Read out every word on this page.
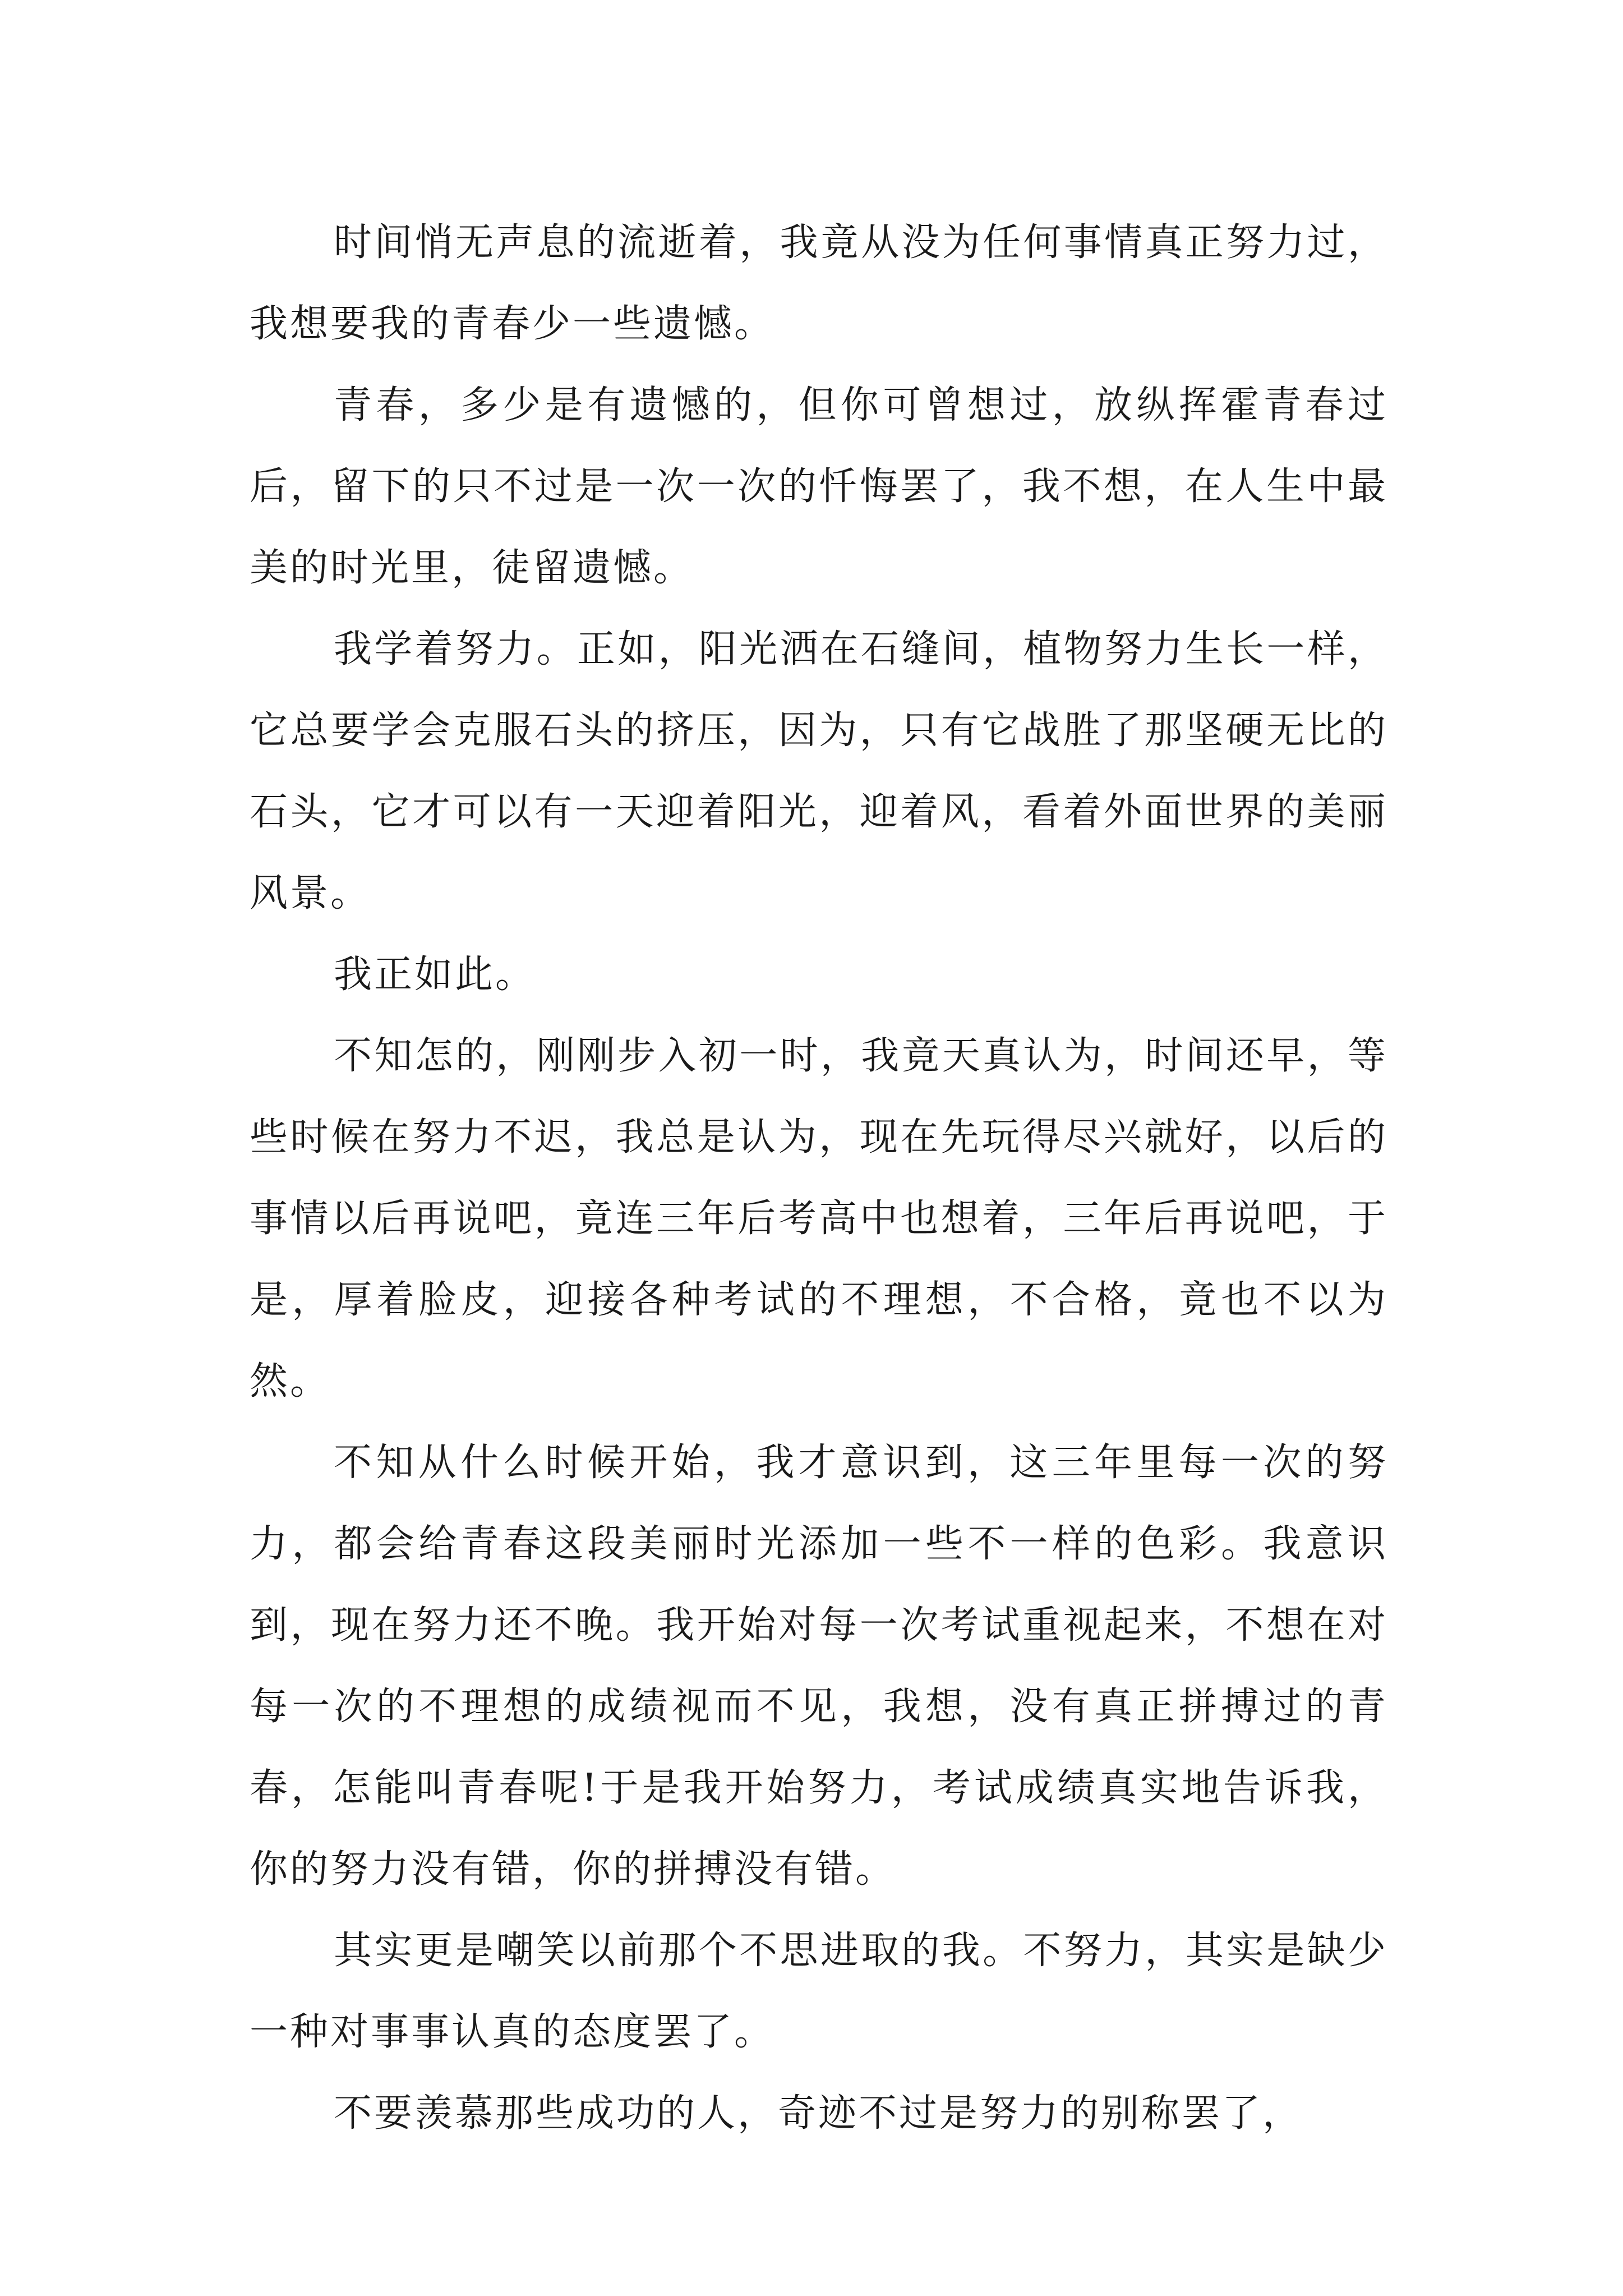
时间悄无声息的流逝着，我竟从没为任何事情真正努力过，我想要我的青春少一些遗憾。

青春，多少是有遗憾的，但你可曾想过，放纵挥霍青春过后，留下的只不过是一次一次的忏悔罢了，我不想，在人生中最美的时光里，徒留遗憾。

我学着努力。正如，阳光洒在石缝间，植物努力生长一样，它总要学会克服石头的挤压，因为，只有它战胜了那坚硬无比的石头，它才可以有一天迎着阳光，迎着风，看着外面世界的美丽风景。

我正如此。

不知怎的，刚刚步入初一时，我竟天真认为，时间还早，等些时候在努力不迟，我总是认为，现在先玩得尽兴就好，以后的事情以后再说吧，竟连三年后考高中也想着，三年后再说吧，于是，厚着脸皮，迎接各种考试的不理想，不合格，竟也不以为然。

不知从什么时候开始，我才意识到，这三年里每一次的努力，都会给青春这段美丽时光添加一些不一样的色彩。我意识到，现在努力还不晚。我开始对每一次考试重视起来，不想在对每一次的不理想的成绩视而不见，我想，没有真正拼搏过的青春，怎能叫青春呢!于是我开始努力，考试成绩真实地告诉我，你的努力没有错，你的拼搏没有错。

其实更是嘲笑以前那个不思进取的我。不努力，其实是缺少一种对事事认真的态度罢了。

不要羡慕那些成功的人，奇迹不过是努力的别称罢了，
